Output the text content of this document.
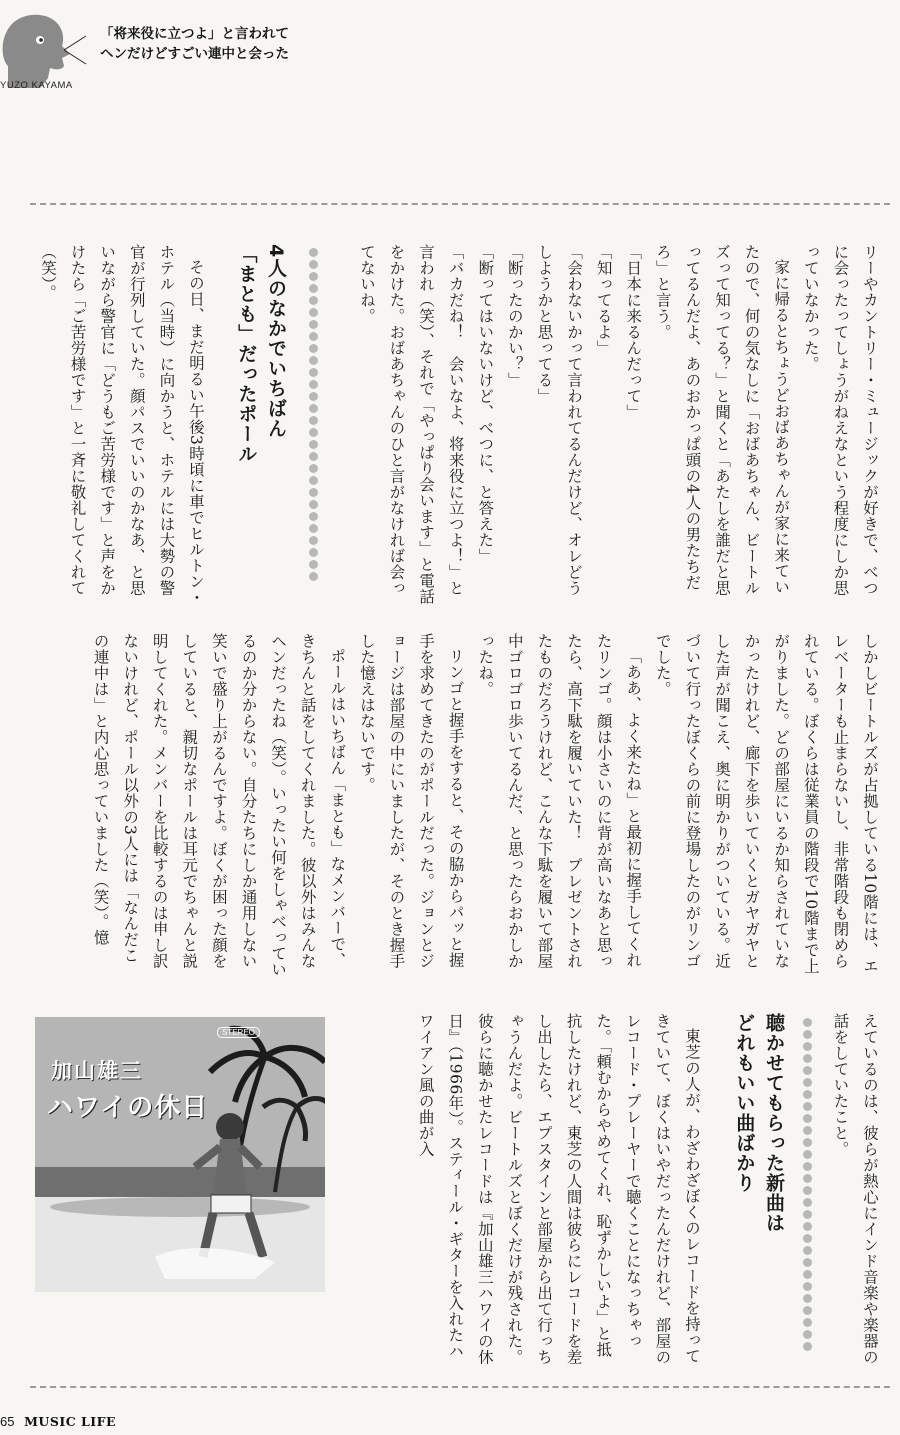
「将来役に立つよ」と言われて
ヘンだけどすごい連中と会った
YUZO KAYAMA

リーやカントリー・ミュージックが好きで、べつに会ったってしょうがねえなという程度にしか思っていなかった。

家に帰るとちょうどおばあちゃんが家に来ていたので、何の気なしに「おばあちゃん、ビートルズって知ってる？」と聞くと「あたしを誰だと思ってるんだよ、あのおかっぱ頭の4人の男たちだろ」と言う。

「日本に来るんだって」

「知ってるよ」

「会わないかって言われてるんだけど、オレどうしようかと思ってる」

「断ったのかい？」

「断ってはいないけど、べつに、と答えた」

「バカだね！　会いなよ、将来役に立つよ！」と言われ（笑）、それで「やっぱり会います」と電話をかけた。おばあちゃんのひと言がなければ会ってないね。

4人のなかでいちばん

「まとも」だったポール

その日、まだ明るい午後3時頃に車でヒルトン・ホテル（当時）に向かうと、ホテルには大勢の警官が行列していた。顔パスでいいのかなあ、と思いながら警官に「どうもご苦労様です」と声をかけたら「ご苦労様です」と一斉に敬礼してくれて（笑）。

しかしビートルズが占拠している10階には、エレベーターも止まらないし、非常階段も閉められている。ぼくらは従業員の階段で10階まで上がりました。どの部屋にいるか知らされていなかったけれど、廊下を歩いていくとガヤガヤとした声が聞こえ、奥に明かりがついている。近づいて行ったぼくらの前に登場したのがリンゴでした。

「ああ、よく来たね」と最初に握手してくれたリンゴ。顔は小さいのに背が高いなあと思ったら、高下駄を履いていた！　プレゼントされたものだろうけれど、こんな下駄を履いて部屋中ゴロゴロ歩いてるんだ、と思ったらおかしかったね。

リンゴと握手をすると、その脇からパッと握手を求めてきたのがポールだった。ジョンとジョージは部屋の中にいましたが、そのとき握手した憶えはないです。

ポールはいちばん「まとも」なメンバーで、きちんと話をしてくれました。彼以外はみんなヘンだったね（笑）。いったい何をしゃべっているのか分からない。自分たちにしか通用しない笑いで盛り上がるんですよ。ぼくが困った顔をしていると、親切なポールは耳元でちゃんと説明してくれた。メンバーを比較するのは申し訳ないけれど、ポール以外の3人には「なんだこの連中は」と内心思っていました（笑）。憶

えているのは、彼らが熱心にインド音楽や楽器の話をしていたこと。

聴かせてもらった新曲は

どれもいい曲ばかり

東芝の人が、わざわざぼくのレコードを持ってきていて、ぼくはいやだったんだけれど、部屋のレコード・プレーヤーで聴くことになっちゃった。「頼むからやめてくれ、恥ずかしいよ」と抵抗したけれど、東芝の人間は彼らにレコードを差し出したら、エプスタインと部屋から出て行っちゃうんだよ。ビートルズとぼくだけが残された。彼らに聴かせたレコードは『加山雄三ハワイの休日』（1966年）。スティール・ギターを入れたハワイアン風の曲が入

STEREO
加山雄三
ハワイの休日
65 MUSIC LIFE
